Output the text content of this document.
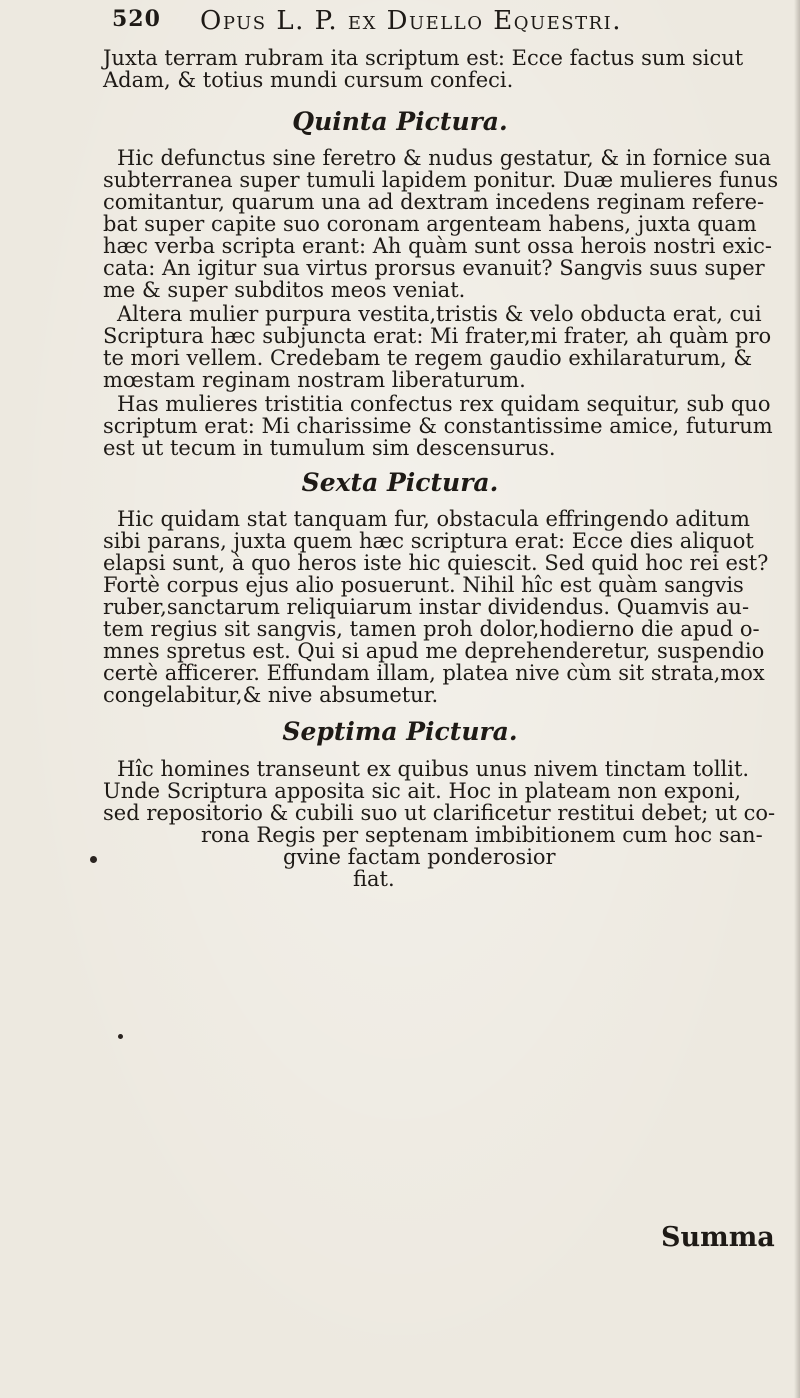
520 Opus L. P. ex Duello Equestri.
Juxta terram rubram ita scriptum est: Ecce factus sum sicut
Adam, & totius mundi cursum confeci.
Quinta Pictura.
Hic defunctus sine feretro & nudus gestatur, & in fornice sua
subterranea super tumuli lapidem ponitur. Duæ mulieres funus
comitantur, quarum una ad dextram incedens reginam refere-
bat super capite suo coronam argenteam habens, juxta quam
hæc verba scripta erant: Ah quàm sunt ossa herois nostri exic-
cata: An igitur sua virtus prorsus evanuit? Sangvis suus super
me & super subditos meos veniat.
Altera mulier purpura vestita,tristis & velo obducta erat, cui
Scriptura hæc subjuncta erat: Mi frater,mi frater, ah quàm pro
te mori vellem. Credebam te regem gaudio exhilaraturum, &
mœstam reginam nostram liberaturum.
Has mulieres tristitia confectus rex quidam sequitur, sub quo
scriptum erat: Mi charissime & constantissime amice, futurum
est ut tecum in tumulum sim descensurus.
Sexta Pictura.
Hic quidam stat tanquam fur, obstacula effringendo aditum
sibi parans, juxta quem hæc scriptura erat: Ecce dies aliquot
elapsi sunt, à quo heros iste hic quiescit. Sed quid hoc rei est?
Fortè corpus ejus alio posuerunt. Nihil hîc est quàm sangvis
ruber,sanctarum reliquiarum instar dividendus. Quamvis au-
tem regius sit sangvis, tamen proh dolor,hodierno die apud o-
mnes spretus est. Qui si apud me deprehenderetur, suspendio
certè afficerer. Effundam illam, platea nive cùm sit strata,mox
congelabitur,& nive absumetur.
Septima Pictura.
Hîc homines transeunt ex quibus unus nivem tinctam tollit.
Unde Scriptura apposita sic ait. Hoc in plateam non exponi,
sed repositorio & cubili suo ut clarificetur restitui debet; ut co-
rona Regis per septenam imbibitionem cum hoc san-
gvine factam ponderosior
fiat.
Summa
